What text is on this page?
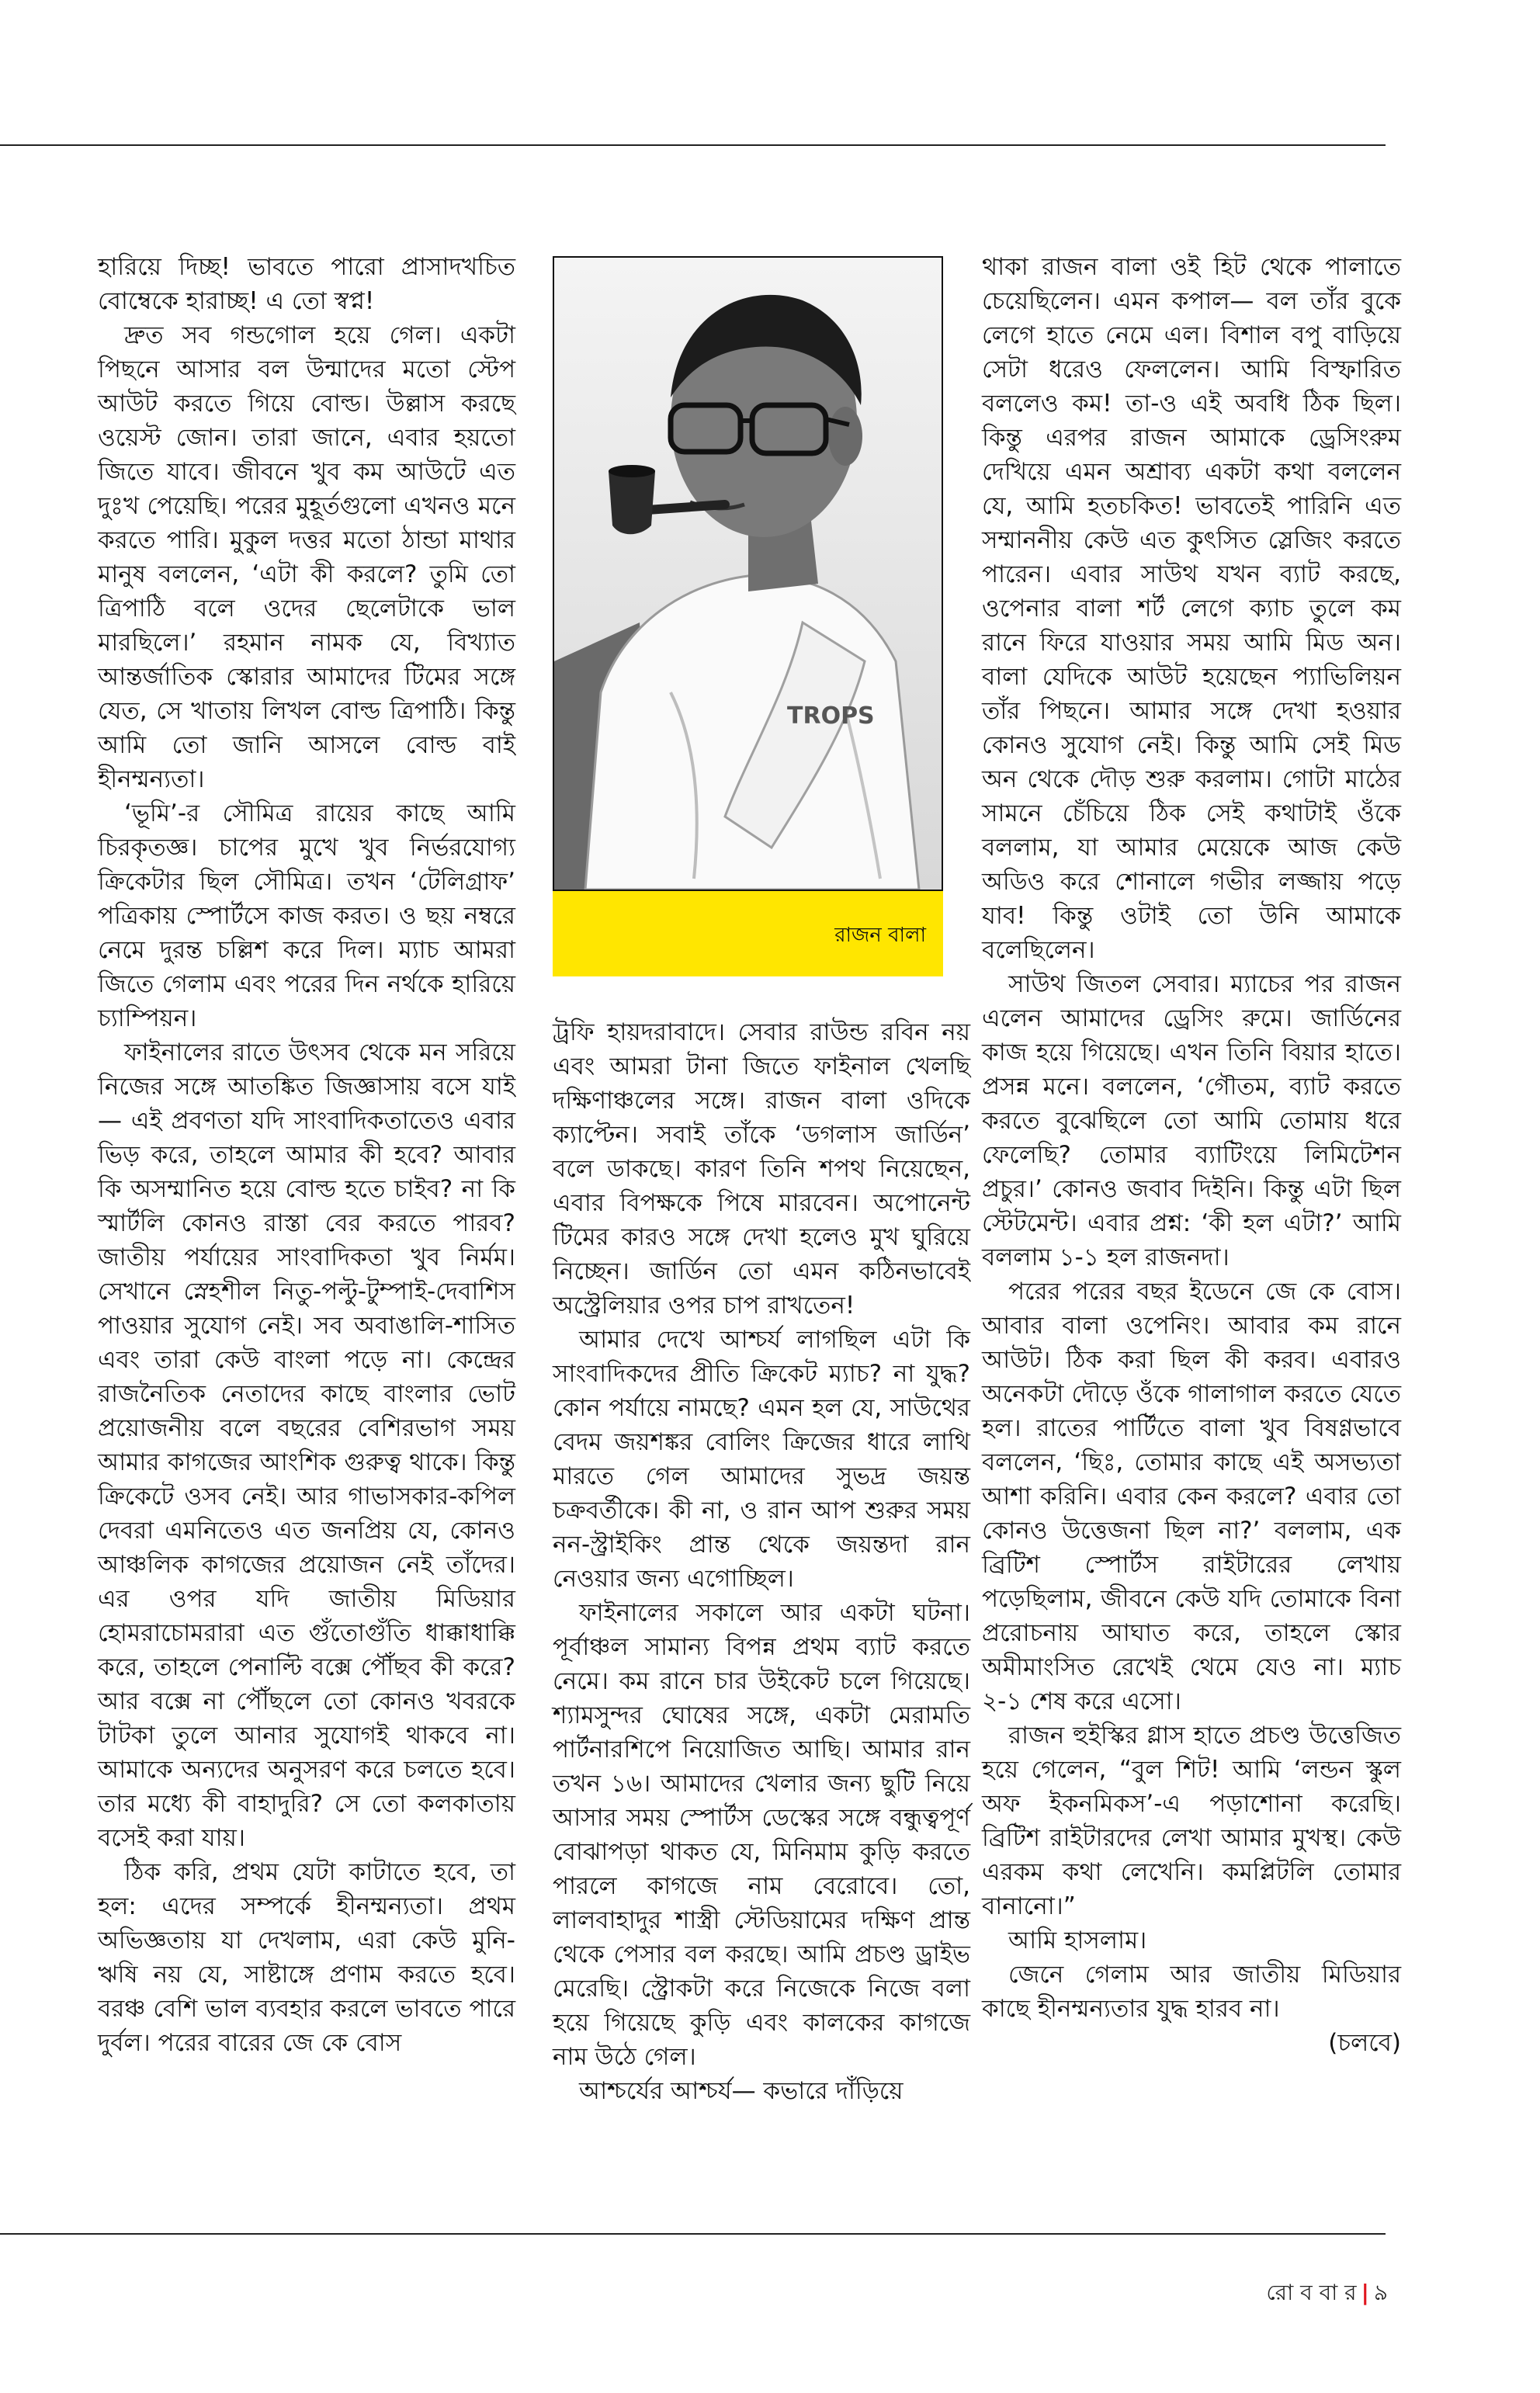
হারিয়ে দিচ্ছ! ভাবতে পারো প্রাসাদখচিত বোম্বেকে হারাচ্ছ! এ তো স্বপ্ন!

দ্রুত সব গন্ডগোল হয়ে গেল। একটা পিছনে আসার বল উন্মাদের মতো স্টেপ আউট করতে গিয়ে বোল্ড। উল্লাস করছে ওয়েস্ট জোন। তারা জানে, এবার হয়তো জিতে যাবে। জীবনে খুব কম আউটে এত দুঃখ পেয়েছি। পরের মুহূর্তগুলো এখনও মনে করতে পারি। মুকুল দত্তর মতো ঠান্ডা মাথার মানুষ বললেন, ‘এটা কী করলে? তুমি তো ত্রিপাঠি বলে ওদের ছেলেটাকে ভাল মারছিলে।’ রহমান নামক যে, বিখ্যাত আন্তর্জাতিক স্কোরার আমাদের টিমের সঙ্গে যেত, সে খাতায় লিখল বোল্ড ত্রিপাঠি। কিন্তু আমি তো জানি আসলে বোল্ড বাই হীনম্মন্যতা।

‘ভূমি’-র সৌমিত্র রায়ের কাছে আমি চিরকৃতজ্ঞ। চাপের মুখে খুব নির্ভরযোগ্য ক্রিকেটার ছিল সৌমিত্র। তখন ‘টেলিগ্রাফ’ পত্রিকায় স্পোর্টসে কাজ করত। ও ছয় নম্বরে নেমে দুরন্ত চল্লিশ করে দিল। ম্যাচ আমরা জিতে গেলাম এবং পরের দিন নর্থকে হারিয়ে চ্যাম্পিয়ন।

ফাইনালের রাতে উৎসব থেকে মন সরিয়ে নিজের সঙ্গে আতঙ্কিত জিজ্ঞাসায় বসে যাই— এই প্রবণতা যদি সাংবাদিকতাতেও এবার ভিড় করে, তাহলে আমার কী হবে? আবার কি অসম্মানিত হয়ে বোল্ড হতে চাইব? না কি স্মার্টলি কোনও রাস্তা বের করতে পারব? জাতীয় পর্যায়ের সাংবাদিকতা খুব নির্মম। সেখানে স্নেহশীল নিতু-পল্টু-টুম্পাই-দেবাশিস পাওয়ার সুযোগ নেই। সব অবাঙালি-শাসিত এবং তারা কেউ বাংলা পড়ে না। কেন্দ্রের রাজনৈতিক নেতাদের কাছে বাংলার ভোট প্রয়োজনীয় বলে বছরের বেশিরভাগ সময় আমার কাগজের আংশিক গুরুত্ব থাকে। কিন্তু ক্রিকেটে ওসব নেই। আর গাভাসকার-কপিল দেবরা এমনিতেও এত জনপ্রিয় যে, কোনও আঞ্চলিক কাগজের প্রয়োজন নেই তাঁদের। এর ওপর যদি জাতীয় মিডিয়ার হোমরাচোমরারা এত গুঁতোগুঁতি ধাক্কাধাক্কি করে, তাহলে পেনাল্টি বক্সে পৌঁছব কী করে? আর বক্সে না পৌঁছলে তো কোনও খবরকে টাটকা তুলে আনার সুযোগই থাকবে না। আমাকে অন্যদের অনুসরণ করে চলতে হবে। তার মধ্যে কী বাহাদুরি? সে তো কলকাতায় বসেই করা যায়।

ঠিক করি, প্রথম যেটা কাটাতে হবে, তা হল: এদের সম্পর্কে হীনম্মন্যতা। প্রথম অভিজ্ঞতায় যা দেখলাম, এরা কেউ মুনি-ঋষি নয় যে, সাষ্টাঙ্গে প্রণাম করতে হবে। বরঞ্চ বেশি ভাল ব্যবহার করলে ভাবতে পারে দুর্বল। পরের বারের জে কে বোস

TROPS
রাজন বালা

ট্রফি হায়দরাবাদে। সেবার রাউন্ড রবিন নয় এবং আমরা টানা জিতে ফাইনাল খেলছি দক্ষিণাঞ্চলের সঙ্গে। রাজন বালা ওদিকে ক্যাপ্টেন। সবাই তাঁকে ‘ডগলাস জার্ডিন’ বলে ডাকছে। কারণ তিনি শপথ নিয়েছেন, এবার বিপক্ষকে পিষে মারবেন। অপোনেন্ট টিমের কারও সঙ্গে দেখা হলেও মুখ ঘুরিয়ে নিচ্ছেন। জার্ডিন তো এমন কঠিনভাবেই অস্ট্রেলিয়ার ওপর চাপ রাখতেন!

আমার দেখে আশ্চর্য লাগছিল এটা কি সাংবাদিকদের প্রীতি ক্রিকেট ম্যাচ? না যুদ্ধ? কোন পর্যায়ে নামছে? এমন হল যে, সাউথের বেদম জয়শঙ্কর বোলিং ক্রিজের ধারে লাথি মারতে গেল আমাদের সুভদ্র জয়ন্ত চক্রবর্তীকে। কী না, ও রান আপ শুরুর সময় নন-স্ট্রাইকিং প্রান্ত থেকে জয়ন্তদা রান নেওয়ার জন্য এগোচ্ছিল।

ফাইনালের সকালে আর একটা ঘটনা। পূর্বাঞ্চল সামান্য বিপন্ন প্রথম ব্যাট করতে নেমে। কম রানে চার উইকেট চলে গিয়েছে। শ্যামসুন্দর ঘোষের সঙ্গে, একটা মেরামতি পার্টনারশিপে নিয়োজিত আছি। আমার রান তখন ১৬। আমাদের খেলার জন্য ছুটি নিয়ে আসার সময় স্পোর্টস ডেস্কের সঙ্গে বন্ধুত্বপূর্ণ বোঝাপড়া থাকত যে, মিনিমাম কুড়ি করতে পারলে কাগজে নাম বেরোবে। তো, লালবাহাদুর শাস্ত্রী স্টেডিয়ামের দক্ষিণ প্রান্ত থেকে পেসার বল করছে। আমি প্রচণ্ড ড্রাইভ মেরেছি। স্ট্রোকটা করে নিজেকে নিজে বলা হয়ে গিয়েছে কুড়ি এবং কালকের কাগজে নাম উঠে গেল।

আশ্চর্যের আশ্চর্য— কভারে দাঁড়িয়ে

থাকা রাজন বালা ওই হিট থেকে পালাতে চেয়েছিলেন। এমন কপাল— বল তাঁর বুকে লেগে হাতে নেমে এল। বিশাল বপু বাড়িয়ে সেটা ধরেও ফেললেন। আমি বিস্ফারিত বললেও কম! তা-ও এই অবধি ঠিক ছিল। কিন্তু এরপর রাজন আমাকে ড্রেসিংরুম দেখিয়ে এমন অশ্রাব্য একটা কথা বললেন যে, আমি হতচকিত! ভাবতেই পারিনি এত সম্মাননীয় কেউ এত কুৎসিত স্লেজিং করতে পারেন। এবার সাউথ যখন ব্যাট করছে, ওপেনার বালা শর্ট লেগে ক্যাচ তুলে কম রানে ফিরে যাওয়ার সময় আমি মিড অন। বালা যেদিকে আউট হয়েছেন প্যাভিলিয়ন তাঁর পিছনে। আমার সঙ্গে দেখা হওয়ার কোনও সুযোগ নেই। কিন্তু আমি সেই মিড অন থেকে দৌড় শুরু করলাম। গোটা মাঠের সামনে চেঁচিয়ে ঠিক সেই কথাটাই ওঁকে বললাম, যা আমার মেয়েকে আজ কেউ অডিও করে শোনালে গভীর লজ্জায় পড়ে যাব! কিন্তু ওটাই তো উনি আমাকে বলেছিলেন।

সাউথ জিতল সেবার। ম্যাচের পর রাজন এলেন আমাদের ড্রেসিং রুমে। জার্ডিনের কাজ হয়ে গিয়েছে। এখন তিনি বিয়ার হাতে। প্রসন্ন মনে। বললেন, ‘গৌতম, ব্যাট করতে করতে বুঝেছিলে তো আমি তোমায় ধরে ফেলেছি? তোমার ব্যাটিংয়ে লিমিটেশন প্রচুর।’ কোনও জবাব দিইনি। কিন্তু এটা ছিল স্টেটমেন্ট। এবার প্রশ্ন: ‘কী হল এটা?’ আমি বললাম ১-১ হল রাজনদা।

পরের পরের বছর ইডেনে জে কে বোস। আবার বালা ওপেনিং। আবার কম রানে আউট। ঠিক করা ছিল কী করব। এবারও অনেকটা দৌড়ে ওঁকে গালাগাল করতে যেতে হল। রাতের পার্টিতে বালা খুব বিষণ্ণভাবে বললেন, ‘ছিঃ, তোমার কাছে এই অসভ্যতা আশা করিনি। এবার কেন করলে? এবার তো কোনও উত্তেজনা ছিল না?’ বললাম, এক ব্রিটিশ স্পোর্টস রাইটারের লেখায় পড়েছিলাম, জীবনে কেউ যদি তোমাকে বিনা প্ররোচনায় আঘাত করে, তাহলে স্কোর অমীমাংসিত রেখেই থেমে যেও না। ম্যাচ ২-১ শেষ করে এসো।

রাজন হুইস্কির গ্লাস হাতে প্রচণ্ড উত্তেজিত হয়ে গেলেন, “বুল শিট! আমি ‘লন্ডন স্কুল অফ ইকনমিকস’-এ পড়াশোনা করেছি। ব্রিটিশ রাইটারদের লেখা আমার মুখস্থ। কেউ এরকম কথা লেখেনি। কমপ্লিটলি তোমার বানানো।”

আমি হাসলাম।

জেনে গেলাম আর জাতীয় মিডিয়ার কাছে হীনম্মন্যতার যুদ্ধ হারব না।

(চলবে)

রো ব বা র | ৯
